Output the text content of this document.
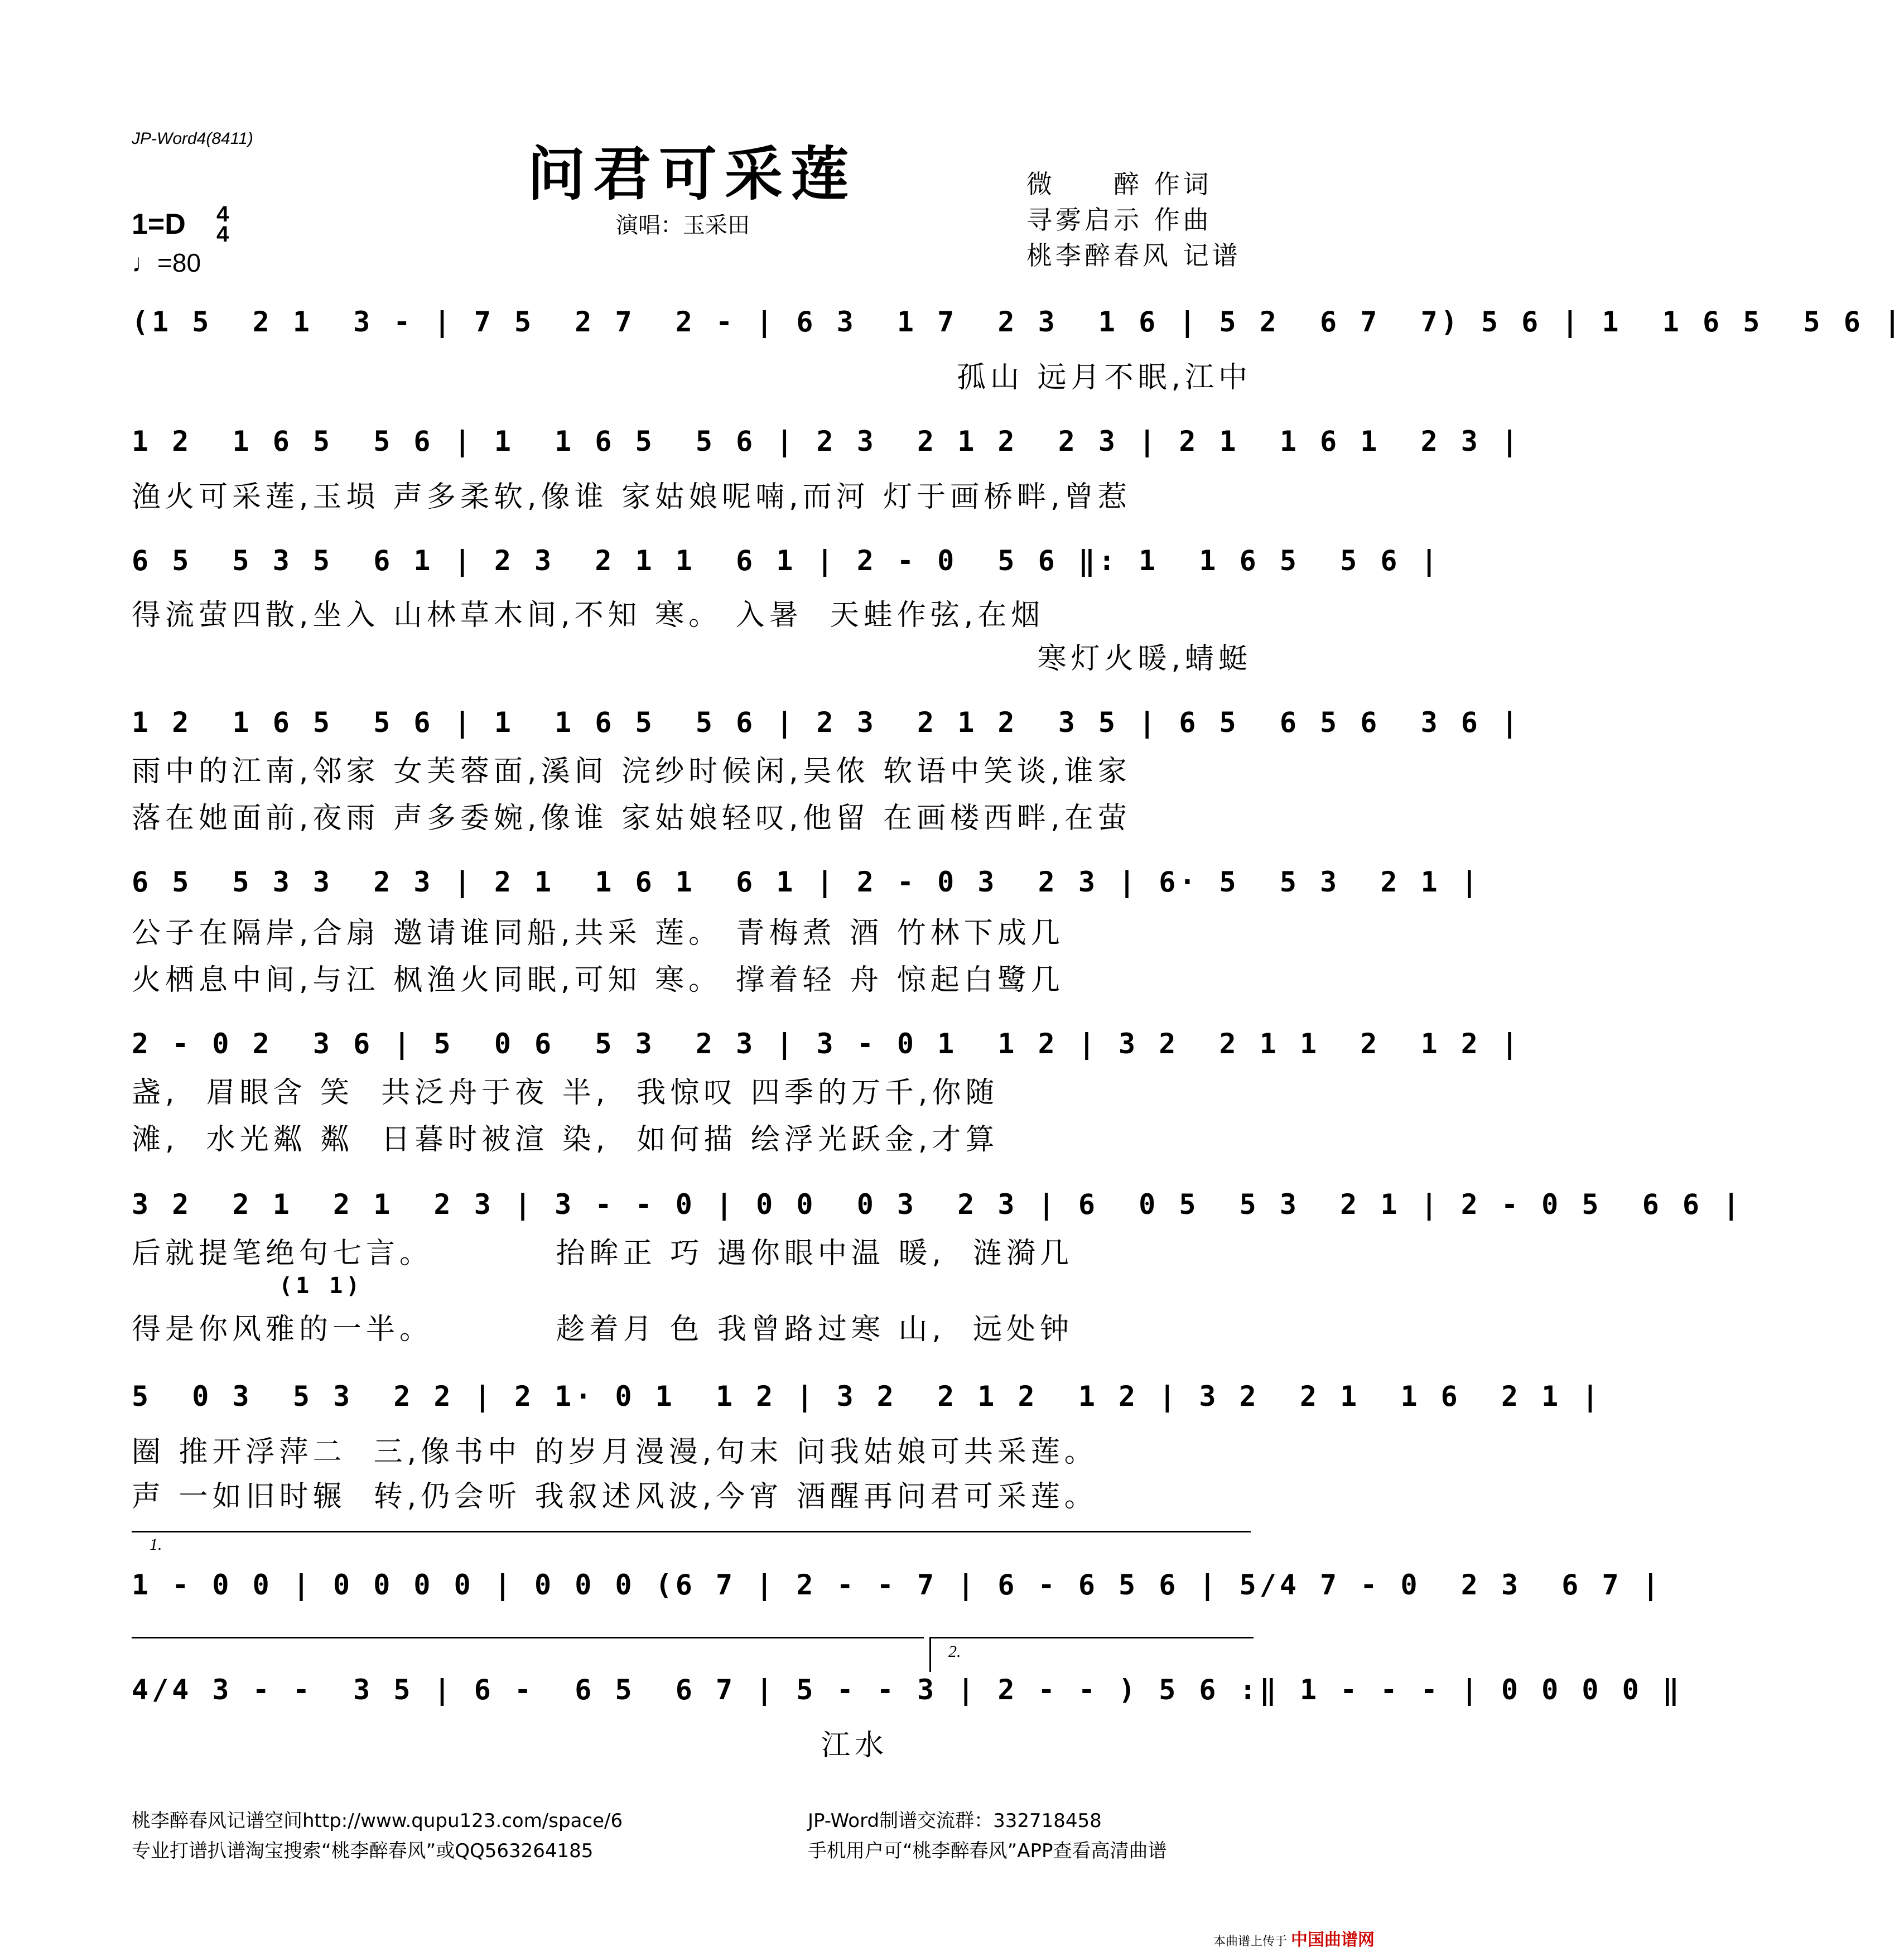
JP-Word4(8411)
问君可采莲
演唱：玉采田
微　　醉 作词
寻雾启示 作曲
桃李醉春风 记谱
1=D 4
4
♩=80
(1 5  2 1  3 - | 7 5  2 7  2 - | 6 3  1 7  2 3  1 6 | 5 2  6 7  7) 5 6 | 1  1 6 5  5 6 |
孤山 远月不眠,江中
1 2  1 6 5  5 6 | 1  1 6 5  5 6 | 2 3  2 1 2  2 3 | 2 1  1 6 1  2 3 |
渔火可采莲,玉埙 声多柔软,像谁 家姑娘呢喃,而河 灯于画桥畔,曾惹
6 5  5 3 5  6 1 | 2 3  2 1 1  6 1 | 2 - 0  5 6 ‖: 1  1 6 5  5 6 |
得流萤四散,坐入 山林草木间,不知 寒。 入暑  天蛙作弦,在烟
寒灯火暖,蜻蜓
1 2  1 6 5  5 6 | 1  1 6 5  5 6 | 2 3  2 1 2  3 5 | 6 5  6 5 6  3 6 |
雨中的江南,邻家 女芙蓉面,溪间 浣纱时候闲,吴侬 软语中笑谈,谁家
落在她面前,夜雨 声多委婉,像谁 家姑娘轻叹,他留 在画楼西畔,在萤
6 5  5 3 3  2 3 | 2 1  1 6 1  6 1 | 2 - 0 3  2 3 | 6· 5  5 3  2 1 |
公子在隔岸,合扇 邀请谁同船,共采 莲。 青梅煮 酒 竹林下成几
火栖息中间,与江 枫渔火同眠,可知 寒。 撑着轻 舟 惊起白鹭几
2 - 0 2  3 6 | 5  0 6  5 3  2 3 | 3 - 0 1  1 2 | 3 2  2 1 1  2  1 2 |
盏,  眉眼含 笑  共泛舟于夜 半,  我惊叹 四季的万千,你随
滩,  水光粼 粼  日暮时被渲 染,  如何描 绘浮光跃金,才算
3 2  2 1  2 1  2 3 | 3 - - 0 | 0 0  0 3  2 3 | 6  0 5  5 3  2 1 | 2 - 0 5  6 6 |
后就提笔绝句七言。         抬眸正 巧 遇你眼中温 暖,  涟漪几
(1 1)
得是你风雅的一半。         趁着月 色 我曾路过寒 山,  远处钟
5  0 3  5 3  2 2 | 2 1· 0 1  1 2 | 3 2  2 1 2  1 2 | 3 2  2 1  1 6  2 1 |
圈 推开浮萍二  三,像书中 的岁月漫漫,句末 问我姑娘可共采莲。
声 一如旧时辗  转,仍会听 我叙述风波,今宵 酒醒再问君可采莲。
1.
1 - 0 0 | 0 0 0 0 | 0 0 0 (6 7 | 2 - - 7 | 6 - 6 5 6 | 5/4 7 - 0  2 3  6 7 |
2.
4/4 3 - -  3 5 | 6 -  6 5  6 7 | 5 - - 3 | 2 - - ) 5 6 :‖ 1 - - - | 0 0 0 0 ‖
江水
桃李醉春风记谱空间http://www.qupu123.com/space/6
专业打谱扒谱淘宝搜索“桃李醉春风”或QQ563264185
JP-Word制谱交流群：332718458
手机用户可“桃李醉春风”APP查看高清曲谱
本曲谱上传于 中国曲谱网
